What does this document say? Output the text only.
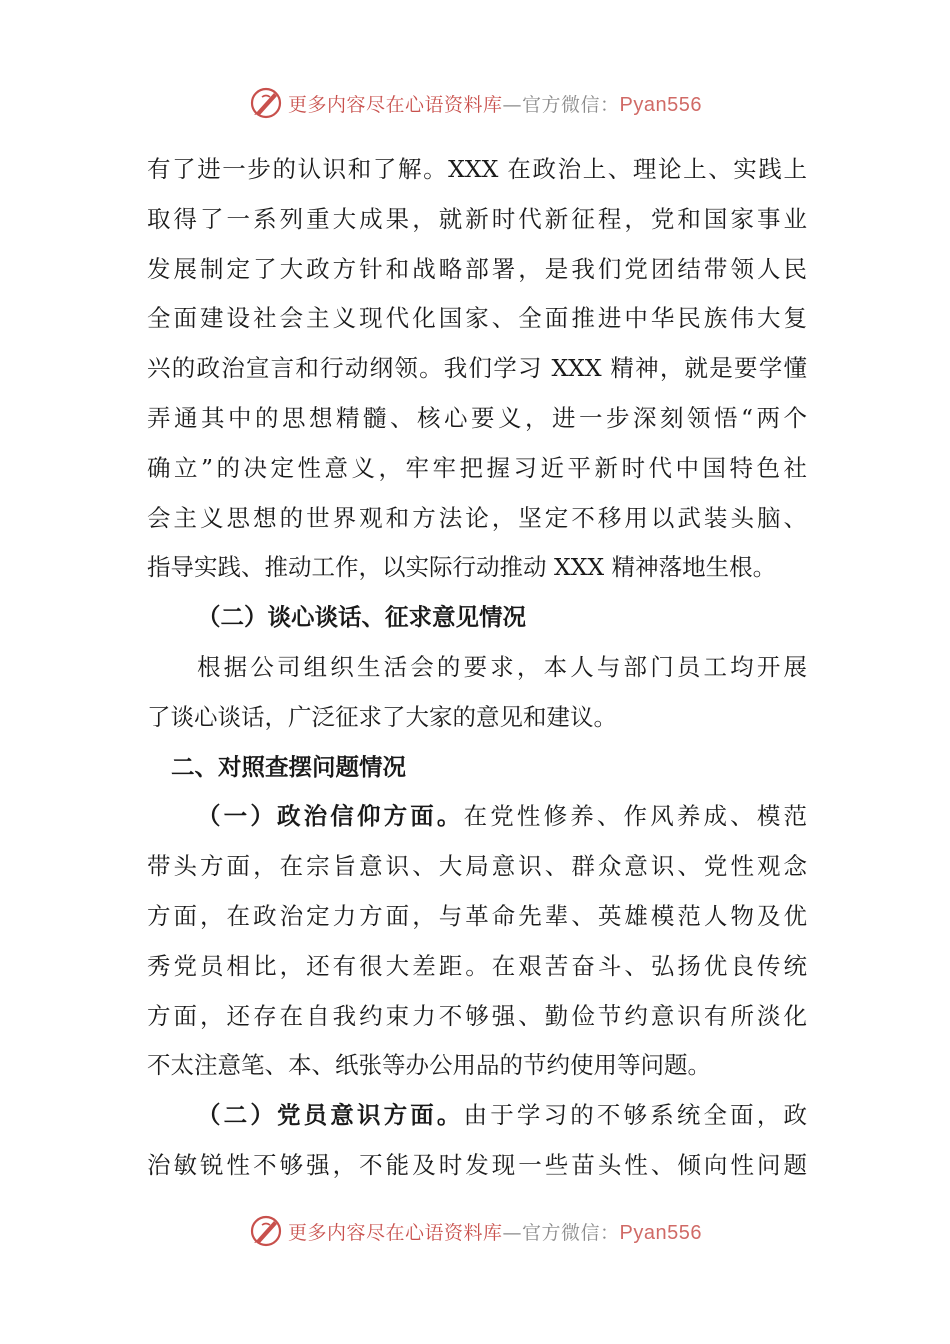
更多内容尽在心语资料库—官方微信：Pyan556

有了进一步的认识和了解。XXX 在政治上、理论上、实践上

取得了一系列重大成果，就新时代新征程，党和国家事业

发展制定了大政方针和战略部署，是我们党团结带领人民

全面建设社会主义现代化国家、全面推进中华民族伟大复

兴的政治宣言和行动纲领。我们学习 XXX 精神，就是要学懂

弄通其中的思想精髓、核心要义，进一步深刻领悟“两个

确立”的决定性意义，牢牢把握习近平新时代中国特色社

会主义思想的世界观和方法论，坚定不移用以武装头脑、

指导实践、推动工作，以实际行动推动 XXX 精神落地生根。

（二）谈心谈话、征求意见情况

根据公司组织生活会的要求，本人与部门员工均开展

了谈心谈话，广泛征求了大家的意见和建议。

二、对照查摆问题情况

（一）政治信仰方面。在党性修养、作风养成、模范

带头方面，在宗旨意识、大局意识、群众意识、党性观念

方面，在政治定力方面，与革命先辈、英雄模范人物及优

秀党员相比，还有很大差距。在艰苦奋斗、弘扬优良传统

方面，还存在自我约束力不够强、勤俭节约意识有所淡化

不太注意笔、本、纸张等办公用品的节约使用等问题。

（二）党员意识方面。由于学习的不够系统全面，政

治敏锐性不够强，不能及时发现一些苗头性、倾向性问题

更多内容尽在心语资料库—官方微信：Pyan556
